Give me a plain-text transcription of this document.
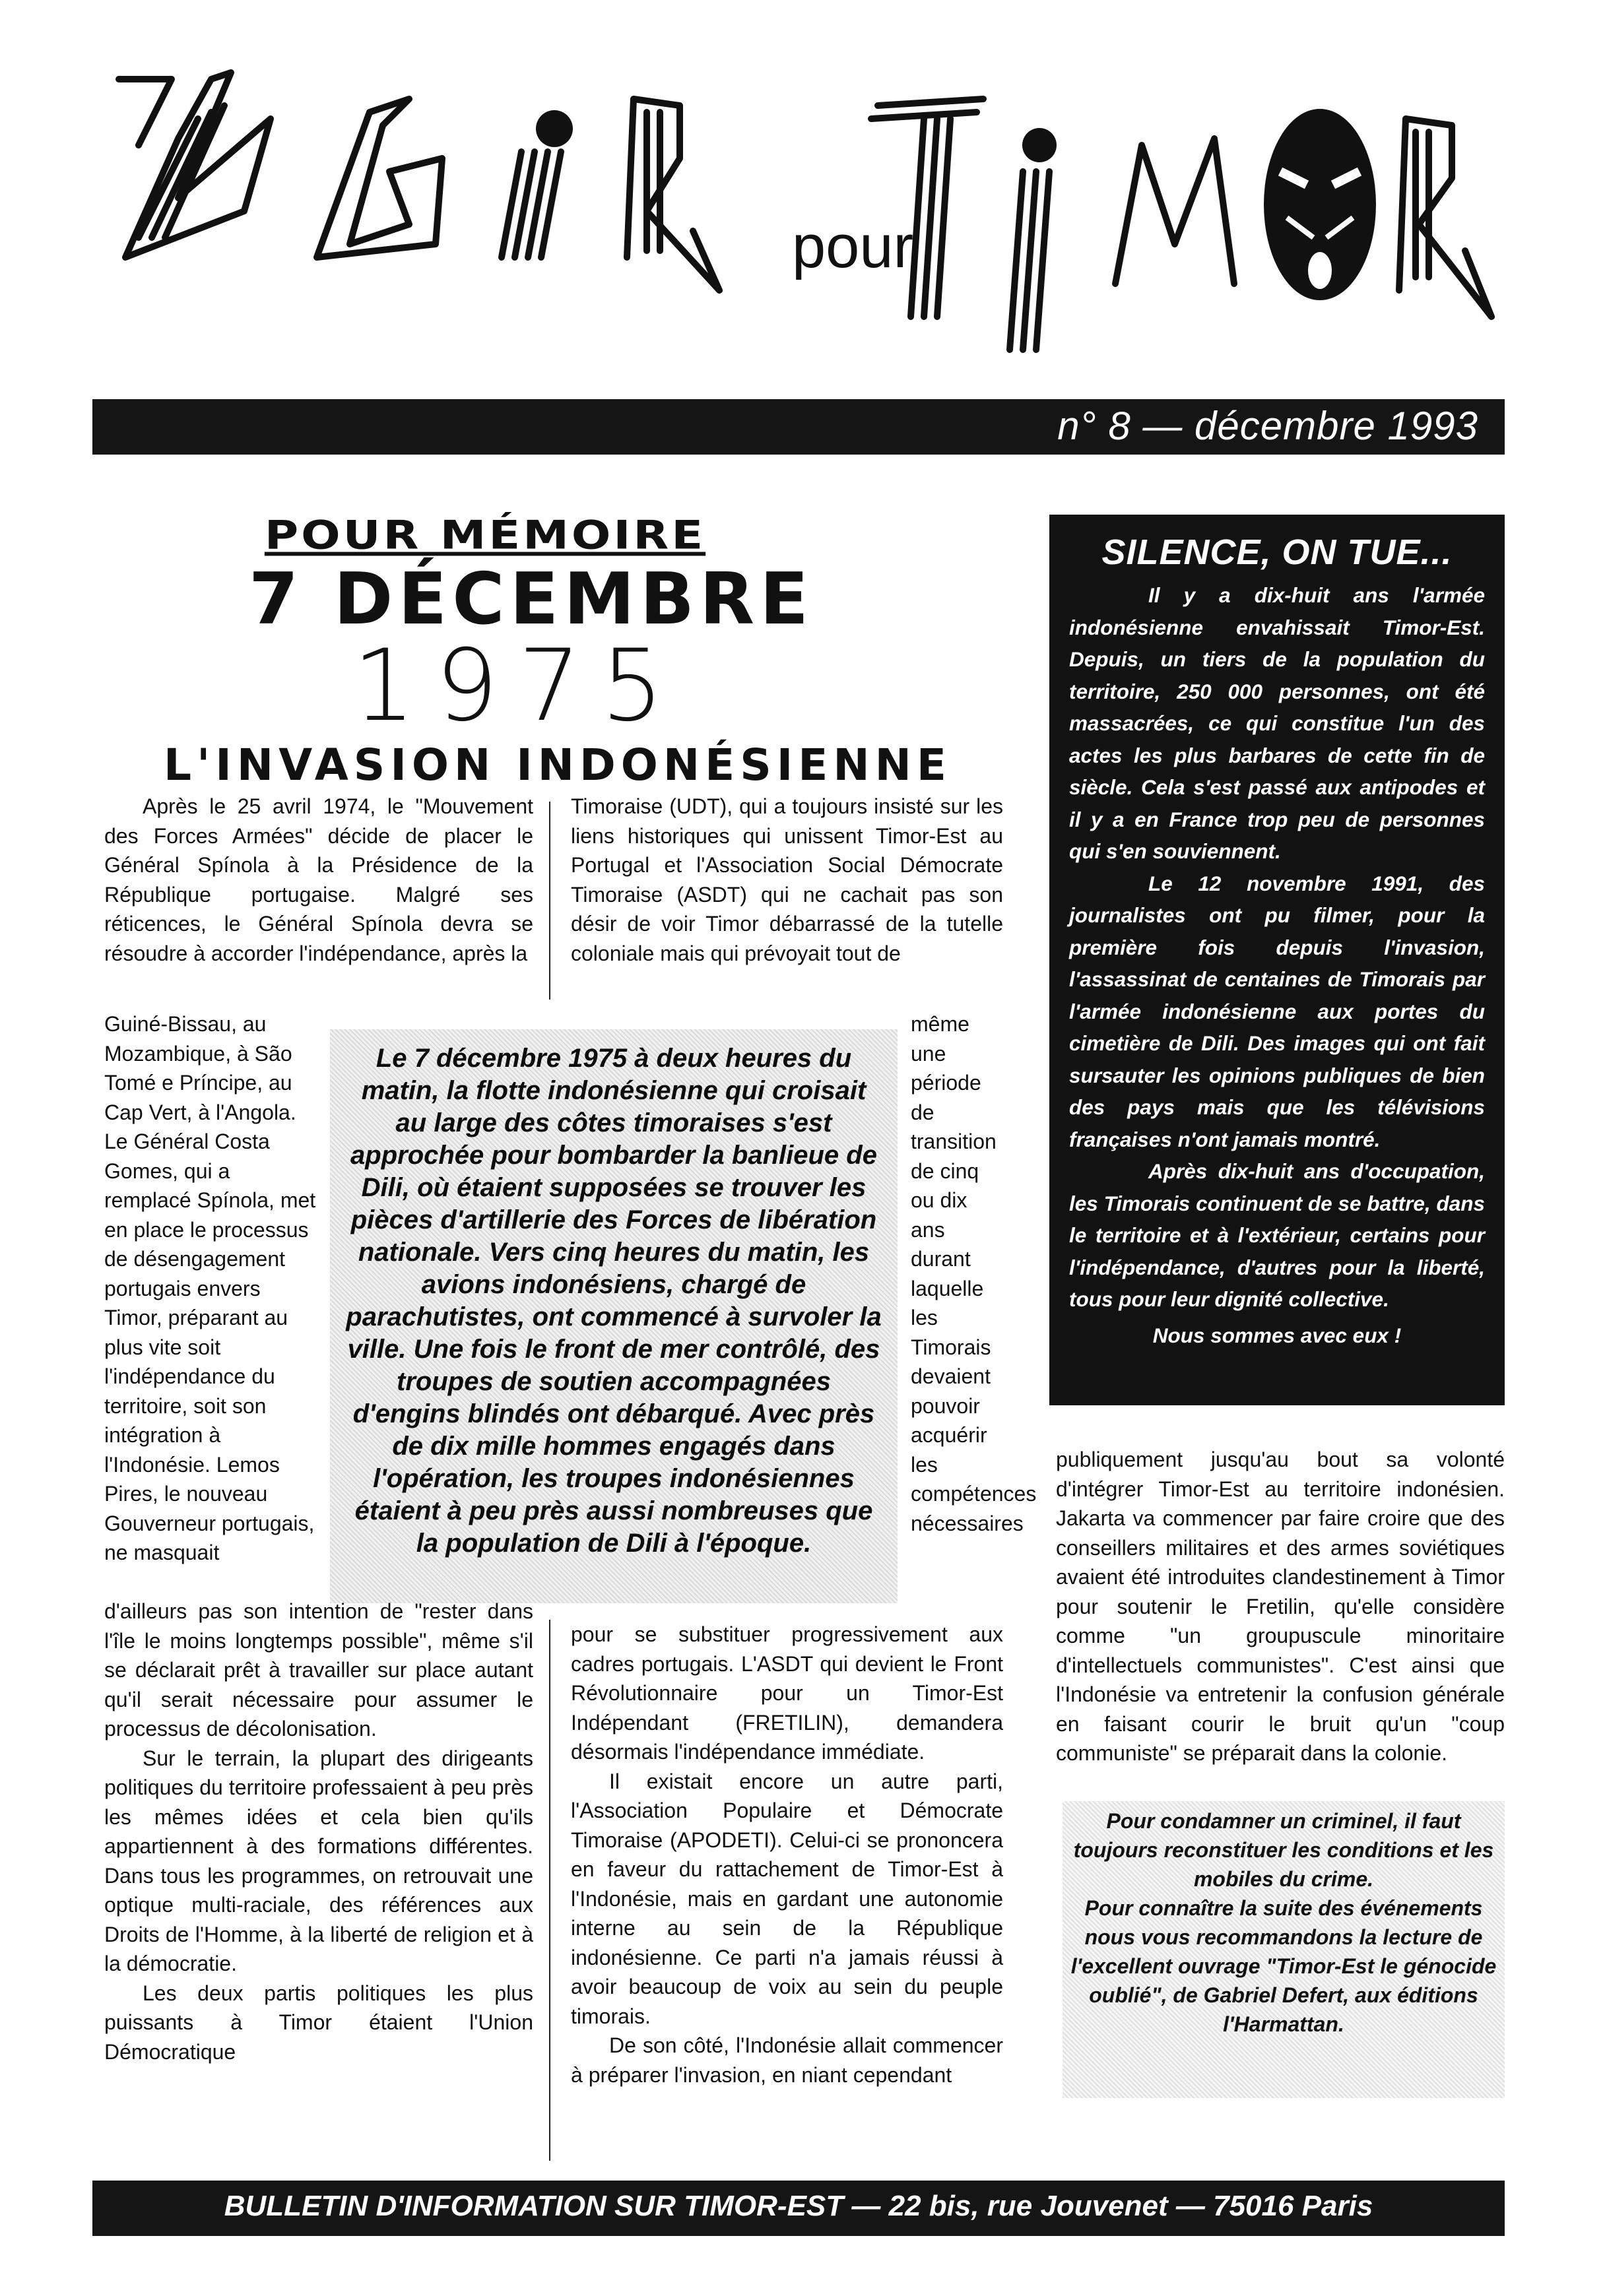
pour
n° 8 — décembre 1993
POUR MÉMOIRE
7 DÉCEMBRE
1975
L'INVASION INDONÉSIENNE

Après le 25 avril 1974, le "Mouvement des Forces Armées" décide de placer le Général Spínola à la Présidence de la République portugaise. Malgré ses réticences, le Général Spínola devra se résoudre à accorder l'indépendance, après la

Timoraise (UDT), qui a toujours insisté sur les liens historiques qui unissent Timor-Est au Portugal et l'Association Social Démocrate Timoraise (ASDT) qui ne cachait pas son désir de voir Timor débarrassé de la tutelle coloniale mais qui prévoyait tout de

Guiné-Bissau, au Mozambique, à São Tomé e Príncipe, au Cap Vert, à l'Angola. Le Général Costa Gomes, qui a remplacé Spínola, met en place le processus de désengagement portugais envers Timor, préparant au plus vite soit l'indépendance du territoire, soit son intégration à l'Indonésie. Lemos Pires, le nouveau Gouverneur portugais, ne masquait

même une période de transition de cinq ou dix ans durant laquelle les Timorais devaient pouvoir acquérir les compétences nécessaires

Le 7 décembre 1975 à deux heures du matin, la flotte indonésienne qui croisait au large des côtes timoraises s'est approchée pour bombarder la banlieue de Dili, où étaient supposées se trouver les pièces d'artillerie des Forces de libération nationale. Vers cinq heures du matin, les avions indonésiens, chargé de parachutistes, ont commencé à survoler la ville. Une fois le front de mer contrôlé, des troupes de soutien accompagnées d'engins blindés ont débarqué. Avec près de dix mille hommes engagés dans l'opération, les troupes indonésiennes étaient à peu près aussi nombreuses que la population de Dili à l'époque.

d'ailleurs pas son intention de "rester dans l'île le moins longtemps possible", même s'il se déclarait prêt à travailler sur place autant qu'il serait nécessaire pour assumer le processus de décolonisation.

Sur le terrain, la plupart des dirigeants politiques du territoire professaient à peu près les mêmes idées et cela bien qu'ils appartiennent à des formations différentes. Dans tous les programmes, on retrouvait une optique multi-raciale, des références aux Droits de l'Homme, à la liberté de religion et à la démocratie.

Les deux partis politiques les plus puissants à Timor étaient l'Union Démocratique

pour se substituer progressivement aux cadres portugais. L'ASDT qui devient le Front Révolutionnaire pour un Timor-Est Indépendant (FRETILIN), demandera désormais l'indépendance immédiate.

Il existait encore un autre parti, l'Association Populaire et Démocrate Timoraise (APODETI). Celui-ci se prononcera en faveur du rattachement de Timor-Est à l'Indonésie, mais en gardant une autonomie interne au sein de la République indonésienne. Ce parti n'a jamais réussi à avoir beaucoup de voix au sein du peuple timorais.

De son côté, l'Indonésie allait commencer à préparer l'invasion, en niant cependant

SILENCE, ON TUE...

Il y a dix-huit ans l'armée indonésienne envahissait Timor-Est. Depuis, un tiers de la population du territoire, 250 000 personnes, ont été massacrées, ce qui constitue l'un des actes les plus barbares de cette fin de siècle. Cela s'est passé aux antipodes et il y a en France trop peu de personnes qui s'en souviennent.

Le 12 novembre 1991, des journalistes ont pu filmer, pour la première fois depuis l'invasion, l'assassinat de centaines de Timorais par l'armée indonésienne aux portes du cimetière de Dili. Des images qui ont fait sursauter les opinions publiques de bien des pays mais que les télévisions françaises n'ont jamais montré.

Après dix-huit ans d'occupation, les Timorais continuent de se battre, dans le territoire et à l'extérieur, certains pour l'indépendance, d'autres pour la liberté, tous pour leur dignité collective.

Nous sommes avec eux !

publiquement jusqu'au bout sa volonté d'intégrer Timor-Est au territoire indonésien. Jakarta va commencer par faire croire que des conseillers militaires et des armes soviétiques avaient été introduites clandestinement à Timor pour soutenir le Fretilin, qu'elle considère comme "un groupuscule minoritaire d'intellectuels communistes". C'est ainsi que l'Indonésie va entretenir la confusion générale en faisant courir le bruit qu'un "coup communiste" se préparait dans la colonie.

Pour condamner un criminel, il faut toujours reconstituer les conditions et les mobiles du crime.
Pour connaître la suite des événements nous vous recommandons la lecture de l'excellent ouvrage "Timor-Est le génocide oublié", de Gabriel Defert, aux éditions l'Harmattan.
BULLETIN D'INFORMATION SUR TIMOR-EST — 22 bis, rue Jouvenet — 75016 Paris
